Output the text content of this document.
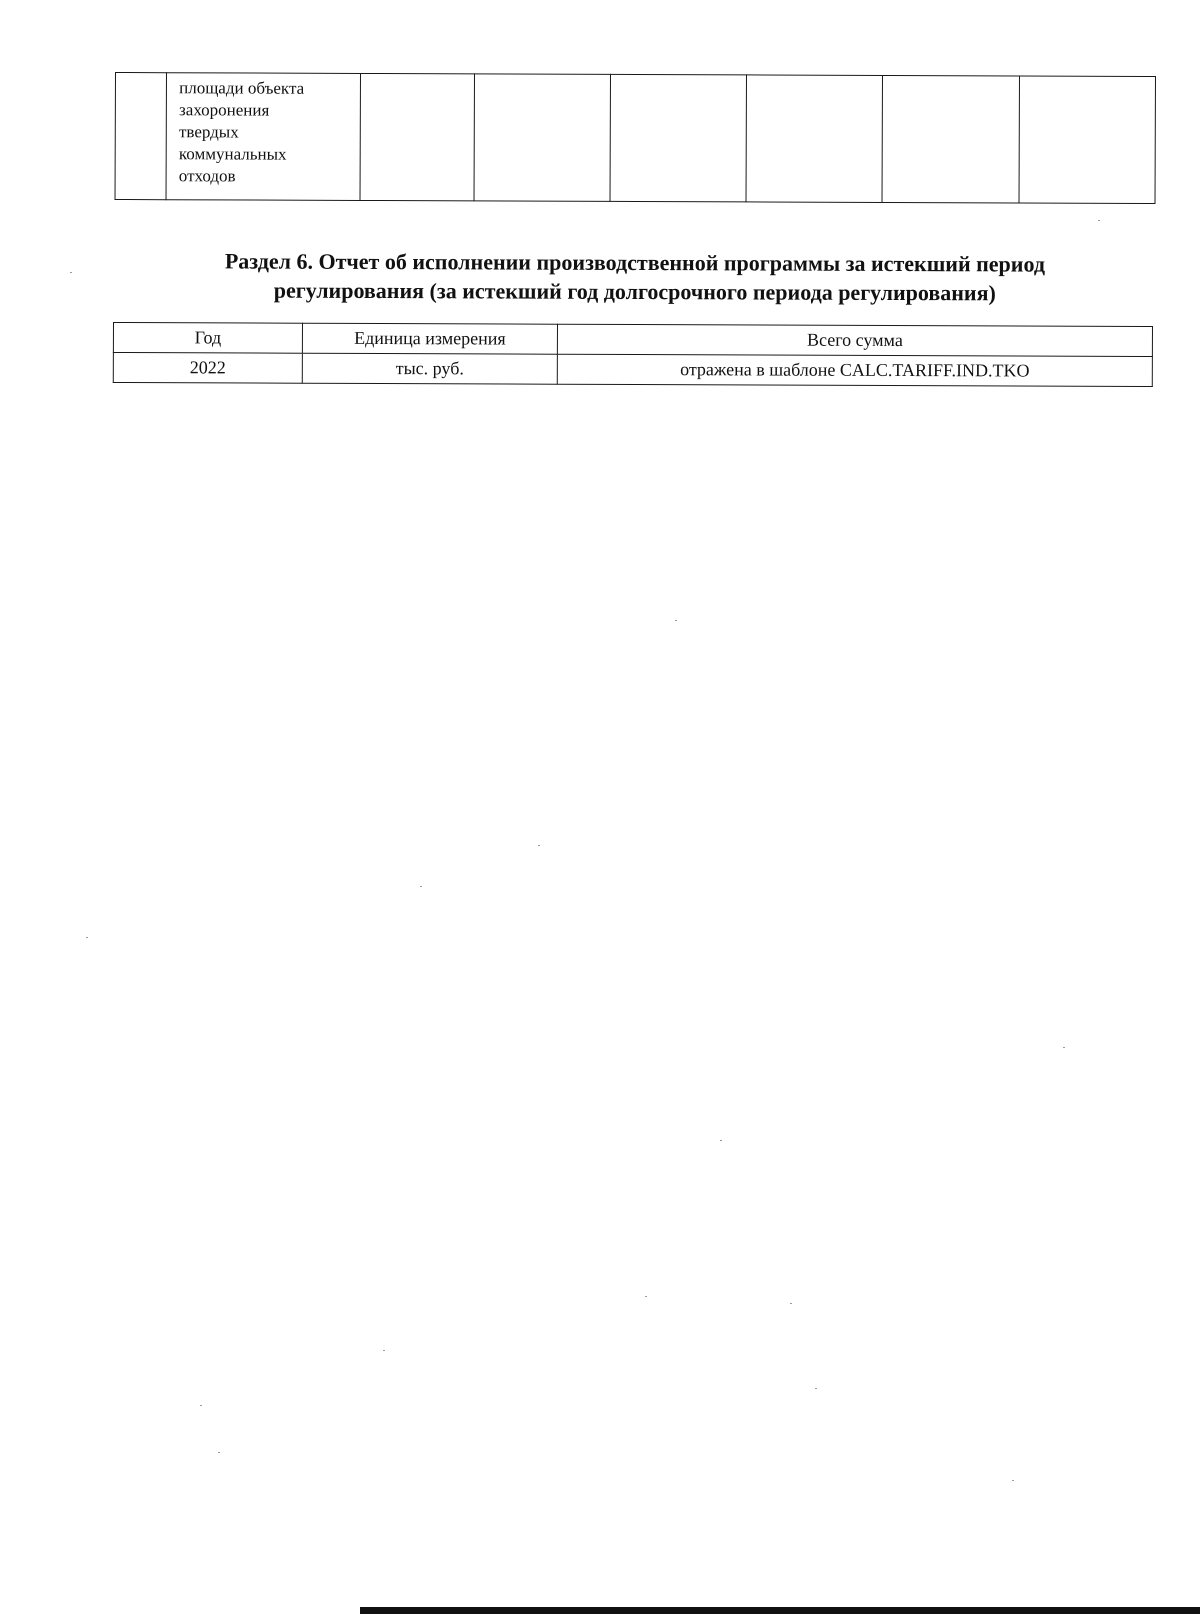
площади объекта
захоронения
твердых
коммунальных
отходов

Раздел 6. Отчет об исполнении производственной программы за истекший период
регулирования (за истекший год долгосрочного периода регулирования)
Год	Единица измерения	Всего сумма
2022	тыс. руб.	отражена в шаблоне CALC.TARIFF.IND.TKO
